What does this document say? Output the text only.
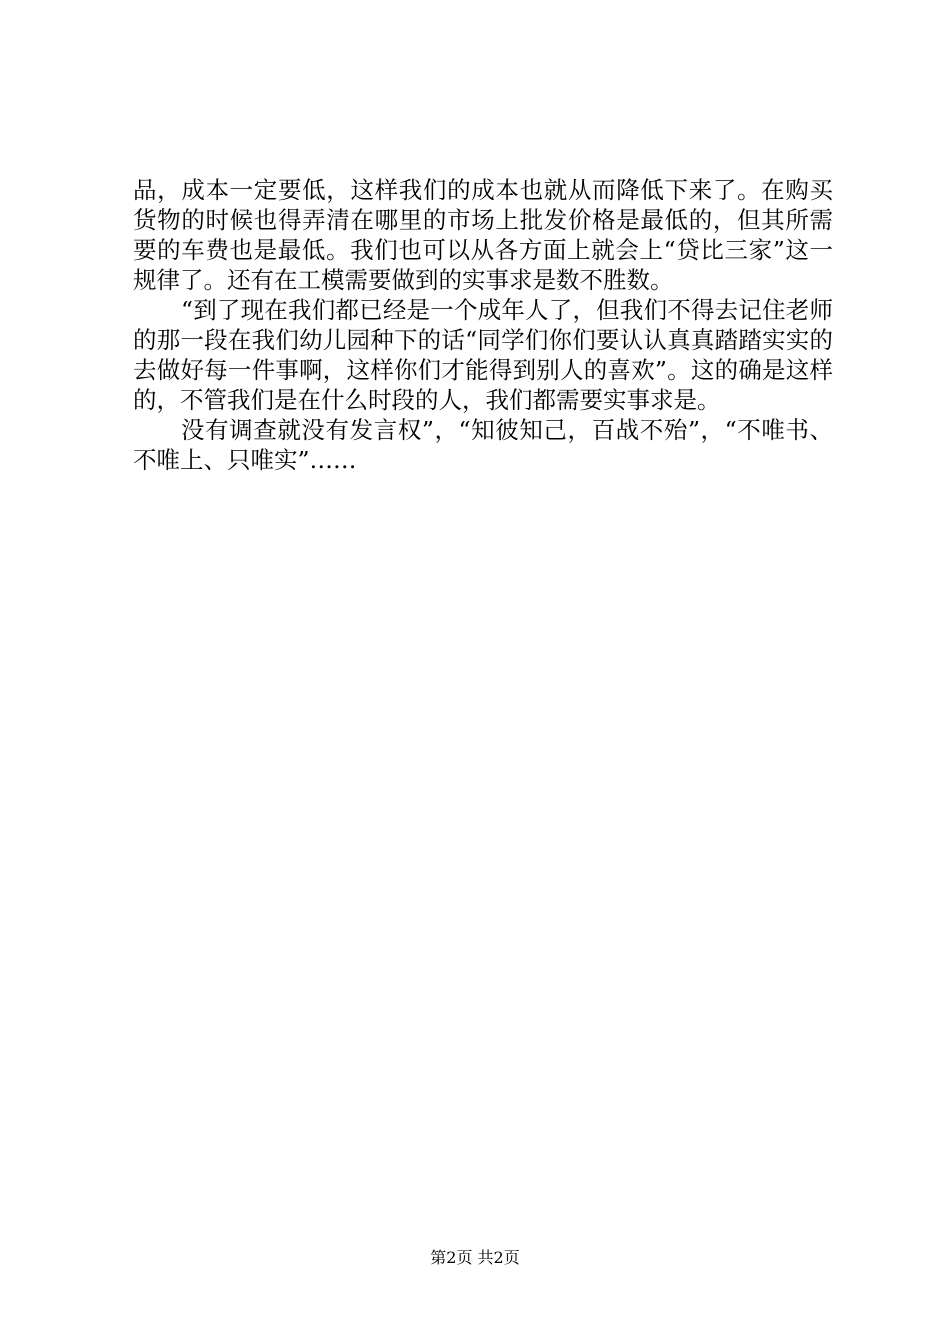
品，成本一定要低，这样我们的成本也就从而降低下来了。在购买货物的时候也得弄清在哪里的市场上批发价格是最低的，但其所需要的车费也是最低。我们也可以从各方面上就会上“贷比三家”这一规律了。还有在工模需要做到的实事求是数不胜数。

“到了现在我们都已经是一个成年人了，但我们不得去记住老师的那一段在我们幼儿园种下的话“同学们你们要认认真真踏踏实实的去做好每一件事啊，这样你们才能得到别人的喜欢”。这的确是这样的，不管我们是在什么时段的人，我们都需要实事求是。

没有调查就没有发言权”，“知彼知己，百战不殆”，“不唯书、不唯上、只唯实”……

第2页 共2页
